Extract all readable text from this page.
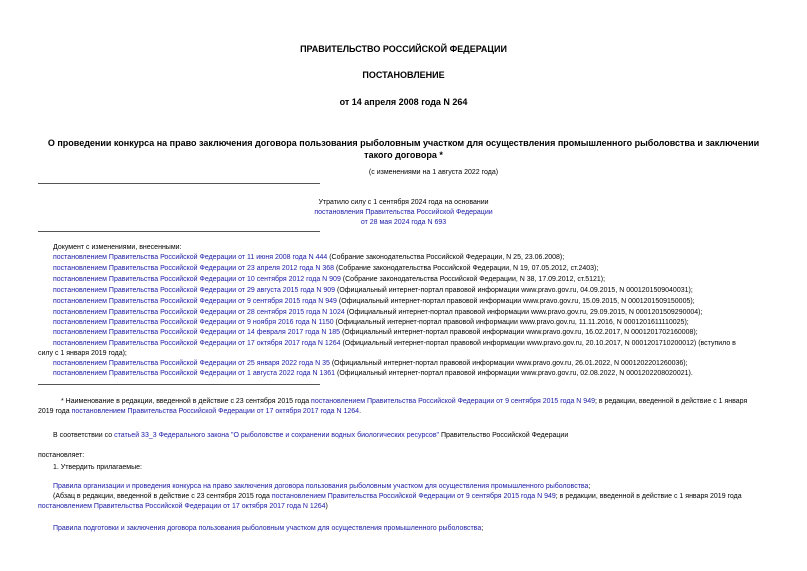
ПРАВИТЕЛЬСТВО РОССИЙСКОЙ ФЕДЕРАЦИИ
ПОСТАНОВЛЕНИЕ
от 14 апреля 2008 года N 264
О проведении конкурса на право заключения договора пользования рыболовным участком для осуществления промышленного рыболовства и заключении
такого договора *
(с изменениями на 1 августа 2022 года)
Утратило силу с 1 сентября 2024 года на основании
постановления Правительства Российской Федерации
от 28 мая 2024 года N 693
Документ с изменениями, внесенными:
постановлением Правительства Российской Федерации от 11 июня 2008 года N 444 (Собрание законодательства Российской Федерации, N 25, 23.06.2008);
постановлением Правительства Российской Федерации от 23 апреля 2012 года N 368 (Собрание законодательства Российской Федерации, N 19, 07.05.2012, ст.2403);
постановлением Правительства Российской Федерации от 10 сентября 2012 года N 909 (Собрание законодательства Российской Федерации, N 38, 17.09.2012, ст.5121);
постановлением Правительства Российской Федерации от 29 августа 2015 года N 909 (Официальный интернет-портал правовой информации www.pravo.gov.ru, 04.09.2015, N 0001201509040031);
постановлением Правительства Российской Федерации от 9 сентября 2015 года N 949 (Официальный интернет-портал правовой информации www.pravo.gov.ru, 15.09.2015, N 0001201509150005);
постановлением Правительства Российской Федерации от 28 сентября 2015 года N 1024 (Официальный интернет-портал правовой информации www.pravo.gov.ru, 29.09.2015, N 0001201509290004);
постановлением Правительства Российской Федерации от 9 ноября 2016 года N 1150 (Официальный интернет-портал правовой информации www.pravo.gov.ru, 11.11.2016, N 0001201611110025);
постановлением Правительства Российской Федерации от 14 февраля 2017 года N 185 (Официальный интернет-портал правовой информации www.pravo.gov.ru, 16.02.2017, N 0001201702160008);
постановлением Правительства Российской Федерации от 17 октября 2017 года N 1264 (Официальный интернет-портал правовой информации www.pravo.gov.ru, 20.10.2017, N 0001201710200012) (вступило в
силу с 1 января 2019 года);
постановлением Правительства Российской Федерации от 25 января 2022 года N 35 (Официальный интернет-портал правовой информации www.pravo.gov.ru, 26.01.2022, N 0001202201260036);
постановлением Правительства Российской Федерации от 1 августа 2022 года N 1361 (Официальный интернет-портал правовой информации www.pravo.gov.ru, 02.08.2022, N 0001202208020021).
* Наименование в редакции, введенной в действие с 23 сентября 2015 года постановлением Правительства Российской Федерации от 9 сентября 2015 года N 949; в редакции, введенной в действие с 1 января
2019 года постановлением Правительства Российской Федерации от 17 октября 2017 года N 1264.
В соответствии со статьей 33_3 Федерального закона "О рыболовстве и сохранении водных биологических ресурсов" Правительство Российской Федерации
постановляет:
1. Утвердить прилагаемые:
Правила организации и проведения конкурса на право заключения договора пользования рыболовным участком для осуществления промышленного рыболовства;
(Абзац в редакции, введенной в действие с 23 сентября 2015 года постановлением Правительства Российской Федерации от 9 сентября 2015 года N 949; в редакции, введенной в действие с 1 января 2019 года
постановлением Правительства Российской Федерации от 17 октября 2017 года N 1264)
Правила подготовки и заключения договора пользования рыболовным участком для осуществления промышленного рыболовства;
